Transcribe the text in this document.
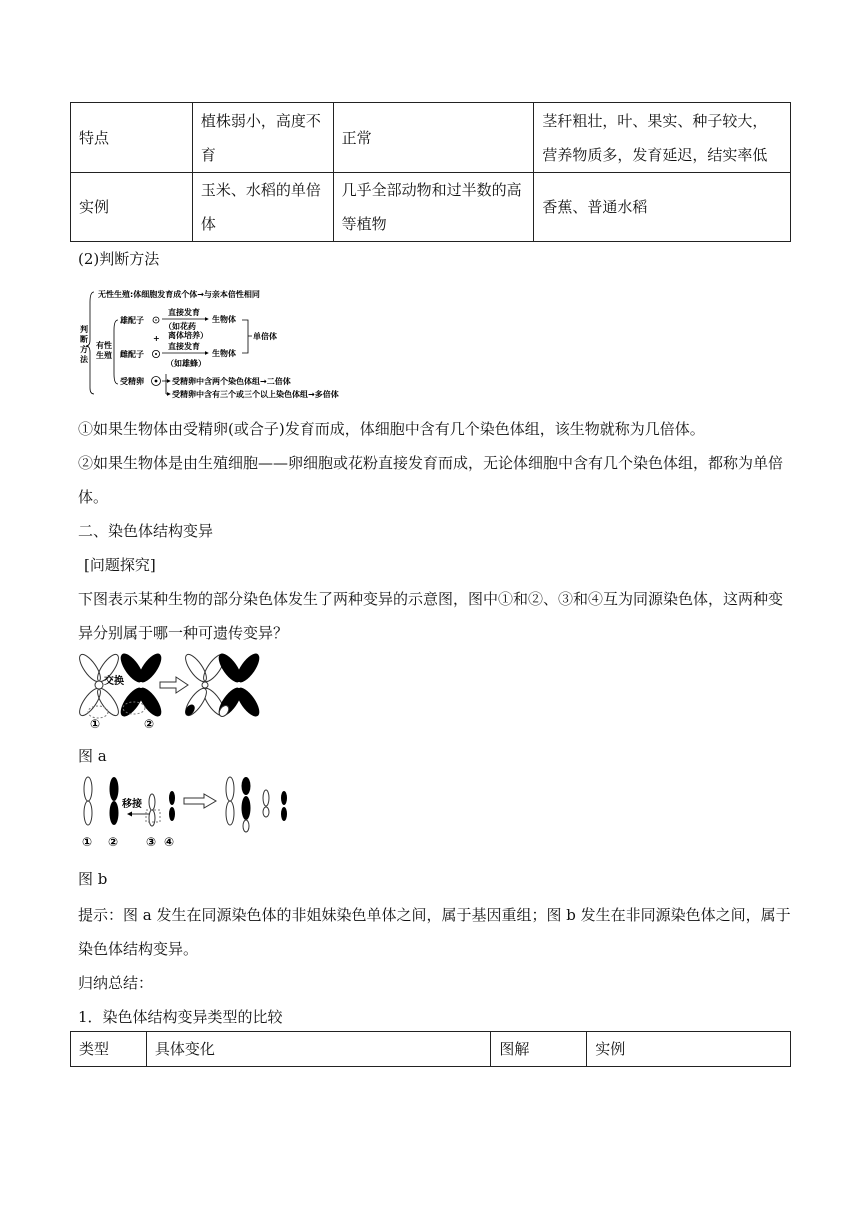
特点	植株弱小，高度不育	正常	茎秆粗壮，叶、果实、种子较大，营养物质多，发育延迟，结实率低
实例	玉米、水稻的单倍体	几乎全部动物和过半数的高等植物	香蕉、普通水稻
(2)判断方法
判
断
方
法
无性生殖:体细胞发育成个体→与亲本倍性相同
有性
生殖
雄配子
+
直接发育
（如花药
离体培养）
生物体
雌配子
直接发育
（如雄蜂）
生物体
单倍体
受精卵	受精卵中含两个染色体组→二倍体
受精卵中含有三个或三个以上染色体组→多倍体
①如果生物体由受精卵(或合子)发育而成，体细胞中含有几个染色体组，该生物就称为几倍体。
②如果生物体是由生殖细胞——卵细胞或花粉直接发育而成，无论体细胞中含有几个染色体组，都称为单倍体。
二、染色体结构变异
[问题探究]
下图表示某种生物的部分染色体发生了两种变异的示意图，图中①和②、③和④互为同源染色体，这两种变异分别属于哪一种可遗传变异？
交换
①	②
图 a
移接
① ② ③ ④
图 b
提示：图 a 发生在同源染色体的非姐妹染色单体之间，属于基因重组；图 b 发生在非同源染色体之间，属于染色体结构变异。
归纳总结：
1．染色体结构变异类型的比较
类型	具体变化	图解	实例
